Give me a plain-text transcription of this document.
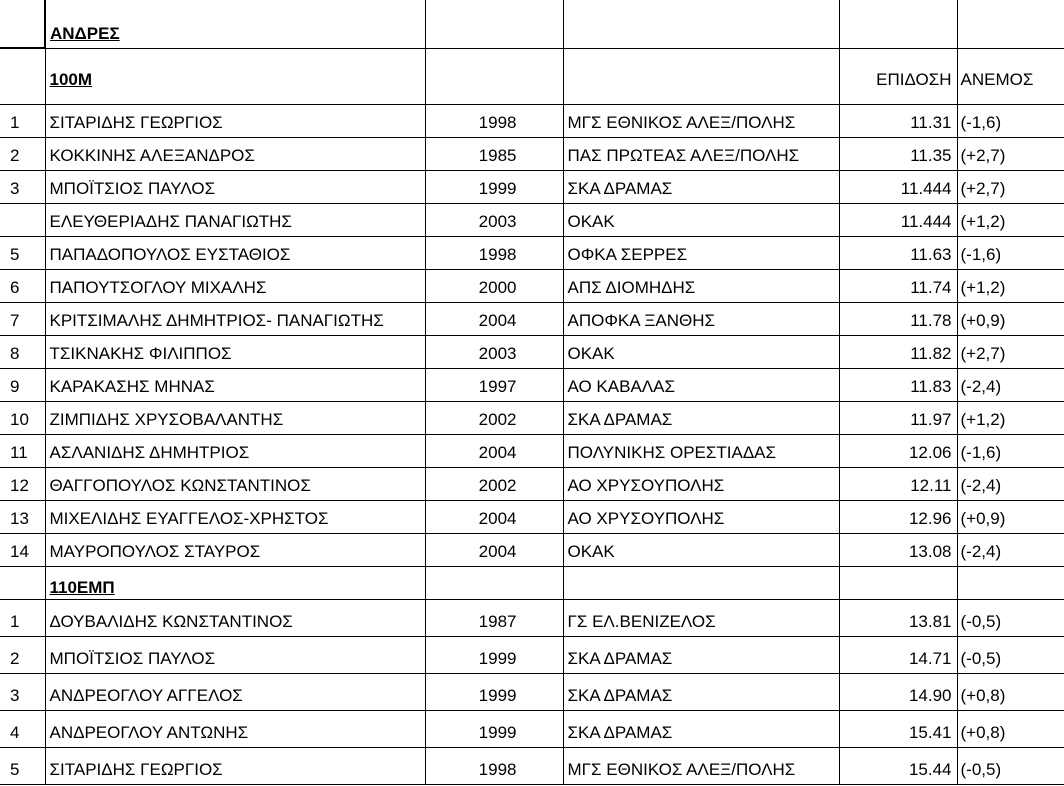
	ΑΝΔΡΕΣ				
	100Μ			ΕΠΙΔΟΣΗ	ΑΝΕΜΟΣ
1	ΣΙΤΑΡΙΔΗΣ ΓΕΩΡΓΙΟΣ	1998	ΜΓΣ ΕΘΝΙΚΟΣ ΑΛΕΞ/ΠΟΛΗΣ	11.31	(-1,6)
2	ΚΟΚΚΙΝΗΣ ΑΛΕΞΑΝΔΡΟΣ	1985	ΠΑΣ ΠΡΩΤΕΑΣ ΑΛΕΞ/ΠΟΛΗΣ	11.35	(+2,7)
3	ΜΠΟΪΤΣΙΟΣ ΠΑΥΛΟΣ	1999	ΣΚΑ ΔΡΑΜΑΣ	11.444	(+2,7)
	ΕΛΕΥΘΕΡΙΑΔΗΣ ΠΑΝΑΓΙΩΤΗΣ	2003	ΟΚΑΚ	11.444	(+1,2)
5	ΠΑΠΑΔΟΠΟΥΛΟΣ ΕΥΣΤΑΘΙΟΣ	1998	ΟΦΚΑ ΣΕΡΡΕΣ	11.63	(-1,6)
6	ΠΑΠΟΥΤΣΟΓΛΟΥ ΜΙΧΑΛΗΣ	2000	ΑΠΣ ΔΙΟΜΗΔΗΣ	11.74	(+1,2)
7	ΚΡΙΤΣΙΜΑΛΗΣ ΔΗΜΗΤΡΙΟΣ- ΠΑΝΑΓΙΩΤΗΣ	2004	ΑΠΟΦΚΑ ΞΑΝΘΗΣ	11.78	(+0,9)
8	ΤΣΙΚΝΑΚΗΣ ΦΙΛΙΠΠΟΣ	2003	ΟΚΑΚ	11.82	(+2,7)
9	ΚΑΡΑΚΑΣΗΣ ΜΗΝΑΣ	1997	ΑΟ ΚΑΒΑΛΑΣ	11.83	(-2,4)
10	ΖΙΜΠΙΔΗΣ ΧΡΥΣΟΒΑΛΑΝΤΗΣ	2002	ΣΚΑ ΔΡΑΜΑΣ	11.97	(+1,2)
11	ΑΣΛΑΝΙΔΗΣ ΔΗΜΗΤΡΙΟΣ	2004	ΠΟΛΥΝΙΚΗΣ ΟΡΕΣΤΙΑΔΑΣ	12.06	(-1,6)
12	ΘΑΓΓΟΠΟΥΛΟΣ ΚΩΝΣΤΑΝΤΙΝΟΣ	2002	ΑΟ ΧΡΥΣΟΥΠΟΛΗΣ	12.11	(-2,4)
13	ΜΙΧΕΛΙΔΗΣ ΕΥΑΓΓΕΛΟΣ-ΧΡΗΣΤΟΣ	2004	ΑΟ ΧΡΥΣΟΥΠΟΛΗΣ	12.96	(+0,9)
14	ΜΑΥΡΟΠΟΥΛΟΣ ΣΤΑΥΡΟΣ	2004	ΟΚΑΚ	13.08	(-2,4)
	110ΕΜΠ				
1	ΔΟΥΒΑΛΙΔΗΣ ΚΩΝΣΤΑΝΤΙΝΟΣ	1987	ΓΣ ΕΛ.ΒΕΝΙΖΕΛΟΣ	13.81	(-0,5)
2	ΜΠΟΪΤΣΙΟΣ ΠΑΥΛΟΣ	1999	ΣΚΑ ΔΡΑΜΑΣ	14.71	(-0,5)
3	ΑΝΔΡΕΟΓΛΟΥ ΑΓΓΕΛΟΣ	1999	ΣΚΑ ΔΡΑΜΑΣ	14.90	(+0,8)
4	ΑΝΔΡΕΟΓΛΟΥ ΑΝΤΩΝΗΣ	1999	ΣΚΑ ΔΡΑΜΑΣ	15.41	(+0,8)
5	ΣΙΤΑΡΙΔΗΣ ΓΕΩΡΓΙΟΣ	1998	ΜΓΣ ΕΘΝΙΚΟΣ ΑΛΕΞ/ΠΟΛΗΣ	15.44	(-0,5)
